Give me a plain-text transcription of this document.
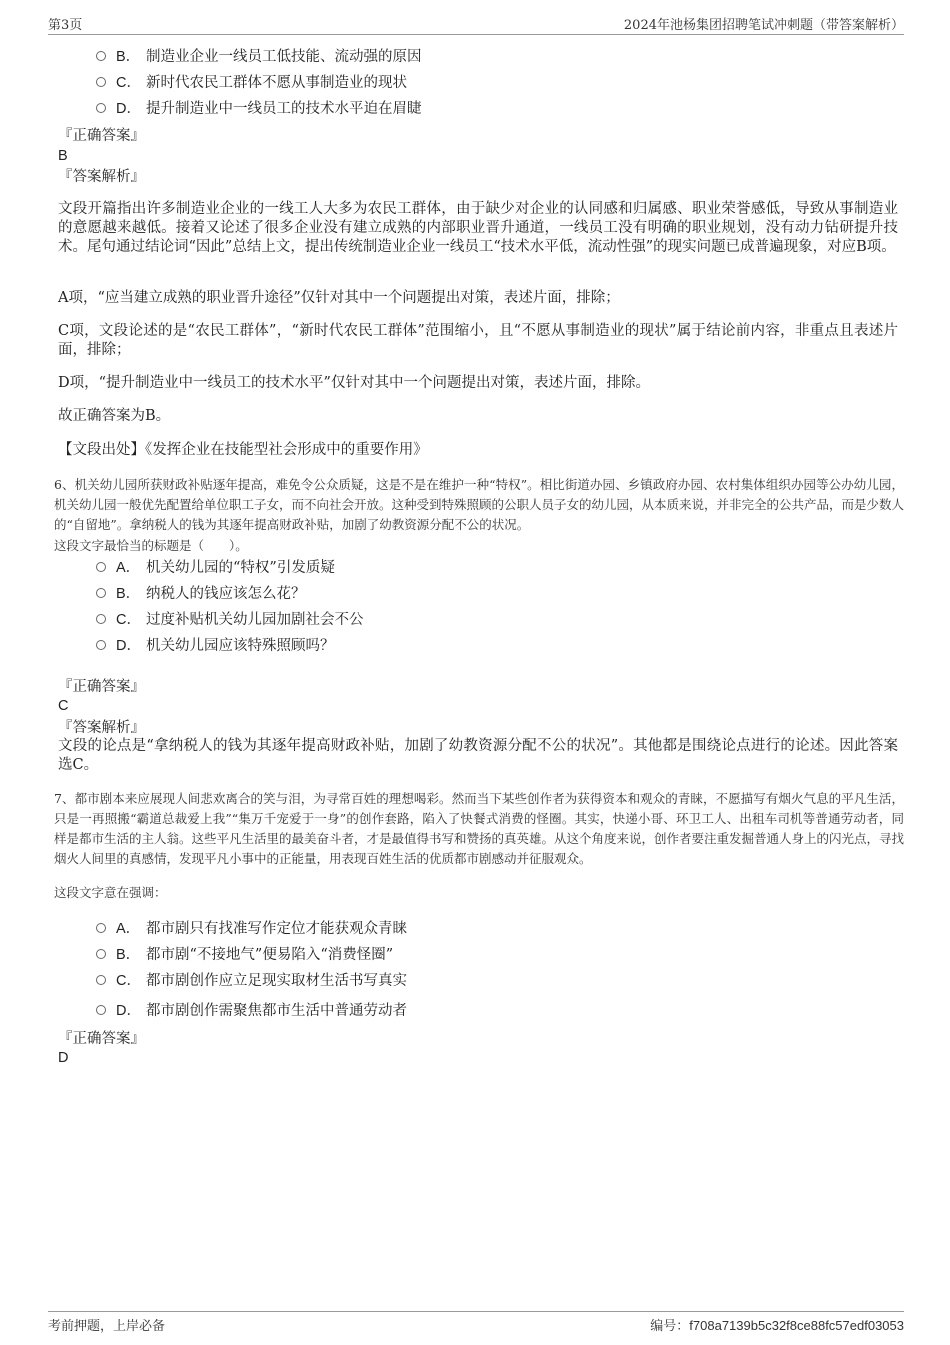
第3页	2024年池杨集团招聘笔试冲刺题（带答案解析）
B． 制造业企业一线员工低技能、流动强的原因
C． 新时代农民工群体不愿从事制造业的现状
D． 提升制造业中一线员工的技术水平迫在眉睫
『正确答案』
B
『答案解析』
文段开篇指出许多制造业企业的一线工人大多为农民工群体，由于缺少对企业的认同感和归属感、职业荣誉感低，导致从事制造业的意愿越来越低。接着又论述了很多企业没有建立成熟的内部职业晋升通道，一线员工没有明确的职业规划，没有动力钻研提升技术。尾句通过结论词“因此”总结上文，提出传统制造业企业一线员工“技术水平低，流动性强”的现实问题已成普遍现象，对应B项。
A项，“应当建立成熟的职业晋升途径”仅针对其中一个问题提出对策，表述片面，排除；
C项，文段论述的是“农民工群体”，“新时代农民工群体”范围缩小，且“不愿从事制造业的现状”属于结论前内容，非重点且表述片面，排除；
D项，“提升制造业中一线员工的技术水平”仅针对其中一个问题提出对策，表述片面，排除。
故正确答案为B。
【文段出处】《发挥企业在技能型社会形成中的重要作用》
6、机关幼儿园所获财政补贴逐年提高，难免令公众质疑，这是不是在维护一种“特权”。相比街道办园、乡镇政府办园、农村集体组织办园等公办幼儿园，机关幼儿园一般优先配置给单位职工子女，而不向社会开放。这种受到特殊照顾的公职人员子女的幼儿园，从本质来说，并非完全的公共产品，而是少数人的“自留地”。拿纳税人的钱为其逐年提高财政补贴，加剧了幼教资源分配不公的状况。
这段文字最恰当的标题是（　　）。
A． 机关幼儿园的“特权”引发质疑
B． 纳税人的钱应该怎么花？
C． 过度补贴机关幼儿园加剧社会不公
D． 机关幼儿园应该特殊照顾吗？
『正确答案』
C
『答案解析』
文段的论点是“拿纳税人的钱为其逐年提高财政补贴，加剧了幼教资源分配不公的状况”。其他都是围绕论点进行的论述。因此答案选C。
7、都市剧本来应展现人间悲欢离合的笑与泪，为寻常百姓的理想喝彩。然而当下某些创作者为获得资本和观众的青睐，不愿描写有烟火气息的平凡生活，只是一再照搬“霸道总裁爱上我”“集万千宠爱于一身”的创作套路，陷入了快餐式消费的怪圈。其实，快递小哥、环卫工人、出租车司机等普通劳动者，同样是都市生活的主人翁。这些平凡生活里的最美奋斗者，才是最值得书写和赞扬的真英雄。从这个角度来说，创作者要注重发掘普通人身上的闪光点，寻找烟火人间里的真感情，发现平凡小事中的正能量，用表现百姓生活的优质都市剧感动并征服观众。
这段文字意在强调：
A． 都市剧只有找准写作定位才能获观众青睐
B． 都市剧“不接地气”便易陷入“消费怪圈”
C． 都市剧创作应立足现实取材生活书写真实
D． 都市剧创作需聚焦都市生活中普通劳动者
『正确答案』
D
考前押题，上岸必备	编号：f708a7139b5c32f8ce88fc57edf03053
